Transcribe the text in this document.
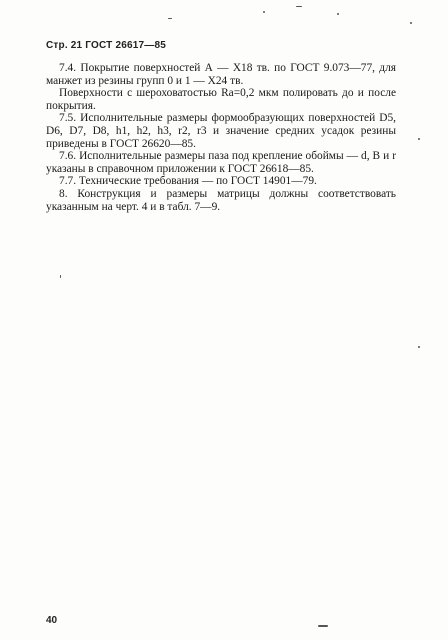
Стр. 21 ГОСТ 26617—85

7.4. Покрытие поверхностей А — Х18 тв. по ГОСТ 9.073—77, для манжет из резины групп 0 и 1 — Х24 тв.

Поверхности с шероховатостью Ra=0,2 мкм полировать до и после покрытия.

7.5. Исполнительные размеры формообразующих поверхностей D5, D6, D7, D8, h1, h2, h3, r2, r3 и значение средних усадок резины приведены в ГОСТ 26620—85.

7.6. Исполнительные размеры паза под крепление обоймы — d, B и r указаны в справочном приложении к ГОСТ 26618—85.

7.7. Технические требования — по ГОСТ 14901—79.

8. Конструкция и размеры матрицы должны соответствовать указанным на черт. 4 и в табл. 7—9.

40
